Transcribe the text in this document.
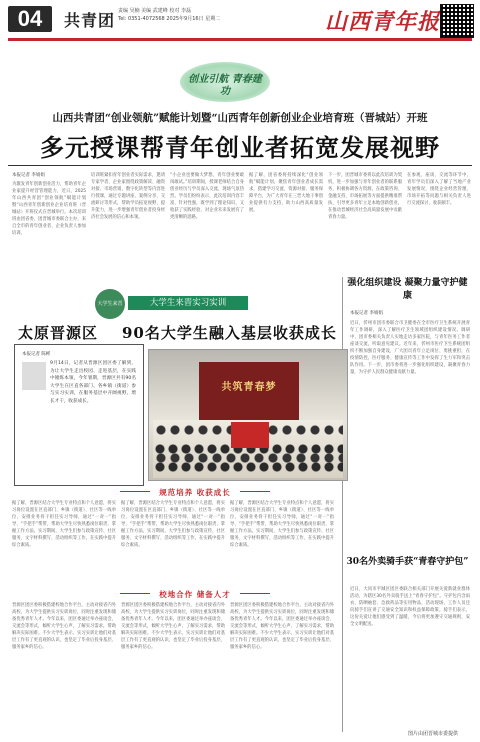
04	共青团 责编 吴楠 美编 武建峰 校对 李磊
Tel: 0351-4072568 2025年9月16日 星期二	山西青年报
创业引航 青春建功
山西共青团“创业领航”赋能计划暨“山西青年创新创业企业培育班（晋城站）开班
多元授课帮青年创业者拓宽发展视野
本报记者 李娟娟
为激发青年创新创业活力，帮助青年企业家提升经营管理能力，近日，2025年山西共青团“创业领航”赋能计划暨“山西青年创新创业企业培育班（晋城站）开班仪式在晋城举行。本次培训班由团省委、团晋城市委联合主办，来自全市的青年创业者、企业负责人参加培训。
培训班紧扣青年创业者实际需求，邀请专家学者、企业家围绕政策解读、融资对接、市场营销、数字化转型等内容进行授课，通过专题讲座、案例分享、交流研讨等形式，帮助学员拓宽视野、提升能力，进一步增强青年创业者投身经济社会发展的信心和本领。
“小企业也要做大梦想，青年创业要敢闯敢试。”培训期间，授课老师结合自身创业经历与学员深入交流，现场气氛热烈。学员们纷纷表示，此次培训内容丰富、针对性强，既学到了理论知识，又收获了实践经验，对企业未来发展有了更清晰的思路。
据了解，团省委将持续深化“创业领航”赋能计划，聚焦青年创业者成长需求，搭建学习交流、资源对接、服务保障平台，为广大青年在三晋大地干事创业提供有力支持，助力山西高质量发展。
下一步，团晋城市委将以此次培训为契机，进一步加强与青年创业者的联系服务，积极协调各方资源，在政策咨询、金融支持、市场拓展等方面提供精准帮扶，引导更多青年立足本地创新创业，在推动晋城经济社会高质量发展中贡献青春力量。
在参观、座谈、交流等环节中，青年学员们深入了解了当地产业发展情况，围绕企业经营管理、市场开拓等问题与相关负责人进行交流探讨，收获颇丰。
大学生来晋	大学生来晋实习实训
太原晋源区 90名大学生融入基层收获成长
本报记者 陈彬
9月14日，记者从晋源区团区委了解到，为让大学生走出校园、走进基层，在实践中锤炼本领，今年暑期，晋源区共有90名大学生在区直各部门、各乡镇（街道）参与实习实训，在服务基层中开阔视野、增长才干，收获成长。
共筑青春梦
规范培养 收获成长
据了解，晋源区结合大学生专业特点和个人意愿，将实习岗位设置在区直部门、乡镇（街道）、社区等一线单位，安排业务骨干担任实习导师，通过“一对一”指导、“手把手”帮带，帮助大学生尽快熟悉岗位职责、掌握工作方法。实习期间，大学生们参与政策宣传、社区服务、文字材料撰写、活动组织等工作，在实践中提升综合素质。
据了解，晋源区结合大学生专业特点和个人意愿，将实习岗位设置在区直部门、乡镇（街道）、社区等一线单位，安排业务骨干担任实习导师，通过“一对一”指导、“手把手”帮带，帮助大学生尽快熟悉岗位职责、掌握工作方法。实习期间，大学生们参与政策宣传、社区服务、文字材料撰写、活动组织等工作，在实践中提升综合素质。
据了解，晋源区结合大学生专业特点和个人意愿，将实习岗位设置在区直部门、乡镇（街道）、社区等一线单位，安排业务骨干担任实习导师，通过“一对一”指导、“手把手”帮带，帮助大学生尽快熟悉岗位职责、掌握工作方法。实习期间，大学生们参与政策宣传、社区服务、文字材料撰写、活动组织等工作，在实践中提升综合素质。
校地合作 储备人才
晋源区团区委积极搭建校地合作平台，主动对接省内外高校，为大学生提供实习实训岗位，同时注重发现和储备优秀青年人才。今年以来，团区委通过举办座谈会、交流会等形式，倾听大学生心声，了解实习需求，帮助解决实际困难。不少大学生表示，实习实训让他们对基层工作有了更直观的认识，也坚定了毕业后投身基层、服务家乡的信心。
晋源区团区委积极搭建校地合作平台，主动对接省内外高校，为大学生提供实习实训岗位，同时注重发现和储备优秀青年人才。今年以来，团区委通过举办座谈会、交流会等形式，倾听大学生心声，了解实习需求，帮助解决实际困难。不少大学生表示，实习实训让他们对基层工作有了更直观的认识，也坚定了毕业后投身基层、服务家乡的信心。
晋源区团区委积极搭建校地合作平台，主动对接省内外高校，为大学生提供实习实训岗位，同时注重发现和储备优秀青年人才。今年以来，团区委通过举办座谈会、交流会等形式，倾听大学生心声，了解实习需求，帮助解决实际困难。不少大学生表示，实习实训让他们对基层工作有了更直观的认识，也坚定了毕业后投身基层、服务家乡的信心。
强化组织建设 凝聚力量守护健康
本报记者 李娟娟
近日，忻州市团市委联合市卫健委在全市医疗卫生系统开展青年工作调研，深入了解医疗卫生领域团组织建设情况。调研中，团市委相关负责人实地走访多家医院，与青年医务工作者座谈交流，听取意见建议。近年来，忻州市医疗卫生系统团组织不断加强自身建设，广大团员青年立足岗位、勇挑重担，在疫情防控、医疗服务、健康宣传等工作中发挥了生力军和突击队作用。下一步，团市委将进一步强化组织建设，凝聚青春力量，为守护人民群众健康贡献力量。
30名外卖骑手获“青春守护包”
近日，大同市平城区团区委联合相关部门开展关爱新就业群体活动，为辖区30名外卖骑手送上“青春守护包”。守护包内含雨衣、防晒袖套、急救药品等实用物品，活动现场，工作人员还向骑手们宣讲了交通安全知识和权益保障政策。骑手们表示，这份关爱让他们感受到了温暖，今后将更加遵守交通规则，安全文明配送。
图片由团晋城市委提供
